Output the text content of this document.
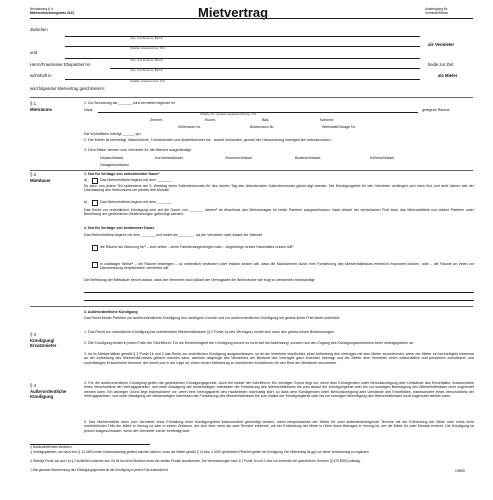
Neufassung lt. d.
Mietrechtsreformgesetz 2013	Mietvertrag	Ausfertigung für
Vermieter/Mieter
Zwischen
(Vor- und Zuname, Beruf)
(Straße, Hausnummer, Ort)
als Vermieter
und
(Vor- und Zuname, Beruf)
Herrn/Frau/seiner Ehepartner/-in
(Vor- und Zuname, Beruf)
beide zur Zeit
wohnhaft in
(Straße, Hausnummer, Ort)
als Mieter
wird folgender Mietvertrag geschlossen¹:
§ 1
Mieträume
1. Zur Benutzung als _______ wird vermietet folgende im
Haus	gelegene Räume:
(Straße, Nr., genaue Lagebezeichnung, Ort)
Zimmer,	Küche,	Bad,	Kammer,
Kellerraum Nr.	Bodenraum Nr.	Werkstatt/Garage Nr.
Die Wohnfläche beträgt ______ qm.
2. Der Mieter ist berechtigt, Waschküche, Trockenboden und Abstellkammer etc., soweit vorhanden, gemäß der Hausordnung unentgelt-lich mitzubenutzen.
3. Dem Mieter werden vom Vermieter für die Mietzeit ausgehändigt:
Hausschlüssel,	Korridorschlüssel,	Zimmerschlüssel,	Bodenschlüssel,	Kellerschlüssel,
Garagenschlüssel
§ 2
Mietdauer
1. Nur für Verträge von unbestimmter Dauer¹
a)	Das Mietverhältnis beginnt mit dem _______ .
Es kann von jedem Teil spätestens am 3. Werktag eines Kalendermonats für den letzten Tag des übernächsten Kalendermonats gekün-digt werden. Die Kündigungsfrist für den Vermieter verlängert sich nach fünf und acht Jahren seit der Überlassung des Wohnraums um jeweils drei Monate.
b)	Das Mietverhältnis beginnt mit dem _______ .
Das Recht zur ordentlichen Kündigung wird auf die Dauer von _______ Jahren² ab Abschluss des Mietvertrages für beide Parteien ausgeschlossen. Nach Ablauf der vereinbarten Frist kann das Mietverhältnis von beiden Parteien unter Beachtung der gesetzlichen Bestimmungen gekündigt werden.
2. Nur für Verträge von bestimmter Dauer
Das Mietverhältnis beginnt mit dem _______ und endet am _______ , da der Vermieter nach Ablauf der Mietzeit
die Räume als Wohnung für³ – sich selbst – seine Familienangehörigen oder – Angehörige seines Haushaltes nutzen will³
in zulässiger Weise³ – die Räume beseitigen – so wesentlich verändern oder instand setzen will, dass die Maßnahmen durch eine Fortsetzung des Mietverhältnisses erheblich erschwert würden, oder – die Räume an einen zur Dienstleistung Verpflichteten vermieten will.
Die Befristung der Mietdauer beruht darauf, dass der Vermieter nach Ablauf der Vertragszeit die Wohnräume wie folgt zu verwenden beabsichtigt:
3. Außerordentliche Kündigung
Das Recht beider Parteien zur außerordentlichen Kündigung aus wichtigem Grunde und zur außerordentlichen Kündigung mit gesetz-licher Frist bleibt unberührt.
§ 3
Kündigung/
Ersatzmieter
1. Das Recht zur ordentlichen Kündigung bei unbefristeten Mietverhältnissen (§ 2 Punkt 1a des Vertrages) richtet sich nach den gesetz-lichen Bestimmungen.
2. Die Kündigung bedarf in jedem Falle der Schriftform. Für die Rechtzeitigkeit der Kündigung kommt es nicht auf die Absendung, sondern auf den Zugang des Kündigungsschreibens beim Vertragspartner an.
3. Ist im Mietverhältnis gemäß § 2 Punkt 1b und 2 das Recht zur ordentlichen Kündigung ausgeschlossen, so ist der Vermieter verpflichtet, einer Aufhebung des Vertrages mit dem Mieter zuzustimmen, wenn der Mieter ein berechtigtes Interesse an der Aufhebung des Mietverhält-nisses geltend machen kann, welches dasjenige des Vermieters am Bestand des Vertrages ganz erheblich überragt und der Mieter dem Vermieter einen wirtschaftlich und persönlich zumutbaren und zuverlässigen Ersatzmieter benennt, der bereit und in der Lage ist, einen neuen Mietvertrag zu identischen Konditionen für den Rest der Mietdauer einzutreten.
§ 4
Außerordentliche
Kündigung
4. Für die außerordentliche Kündigung gelten die gesetzlichen Kündigungsgründe. Auch bei bedarf der Schriftform. Ein wichtiger Grund liegt vor, wenn dem Kündigenden unter Berücksichtigung aller Umstände des Einzelfalles, insbesondere eines Verschuldens der Vertragsparteien, und unter Abwägung der beiderseitigen Interessen die Fortsetzung des Mietverhältnisses bis zum Ablauf der Kündigungsfrist oder bis zur sonstigen Beendigung des Mietverhältnisses nicht zugemutet werden kann. Ein wichtiger Grund liegt insbesondere vor, wenn eine Vertragspartei den Hausfrieden nachhaltig stört, so dass dem Kündigenden unter Berücksichtigung aller Umstände des Einzelfalles, insbesondere eines Verschuldens der Vertragsparteien, und unter Abwägung der beiderseitigen Interessen die Fortsetzung des Mietverhältnisses bis zum Ablauf der Kündigungsfrist oder bis zur sonstigen Beendigung des Mietverhältnisses nicht zugemutet werden kann.
5. Das Mietverhältnis kann vom Vermieter ohne Einhaltung einer Kündigungsfrist insbesondere gekündigt werden, wenn beispielsweise der Mieter für zwei aufeinanderfolgende Termine mit der Entrichtung der Miete oder eines nicht unerheblichen Teils der Miete in Verzug ist oder in einem Zeitraum, der sich über mehr als zwei Termine erstreckt, mit der Entrichtung der Miete in Höhe eines Betrages in Verzug ist, der die Miete für zwei Monate erreicht. Die Kündigung ist jedoch ausgeschlossen, wenn der Vermieter vorher befriedigt wird.
¹) Nichtzutreffendes streichen.
²) Vertragsparteien, der nach dem § 13 UWG einen Kostenanschlag geltend machen können, muss der Mieter gemäß § 14 Abs. 4 UWG gefördertes Pflichten gelten bei Kündigung. Der Mietvertrag ist ggf. um diese Vereinbarung zu ergänzen.
³) Wichtig! Punkt 1a) und 1b) § 2 schließen einander aus. Es ist bei dem Kästchen eines der beiden Punkte anzukreuzen. Die Vereinbarungen nach § 2 Punkt 1b und 2 sind nur innerhalb der gesetzlichen Grenzen (§ 575 BGB) zulässig.
⁴) Bei genauer Bezeichnung des Kündigungsgrundes ist die Kündigung in jedem Fall ausreichend.	1/9555
